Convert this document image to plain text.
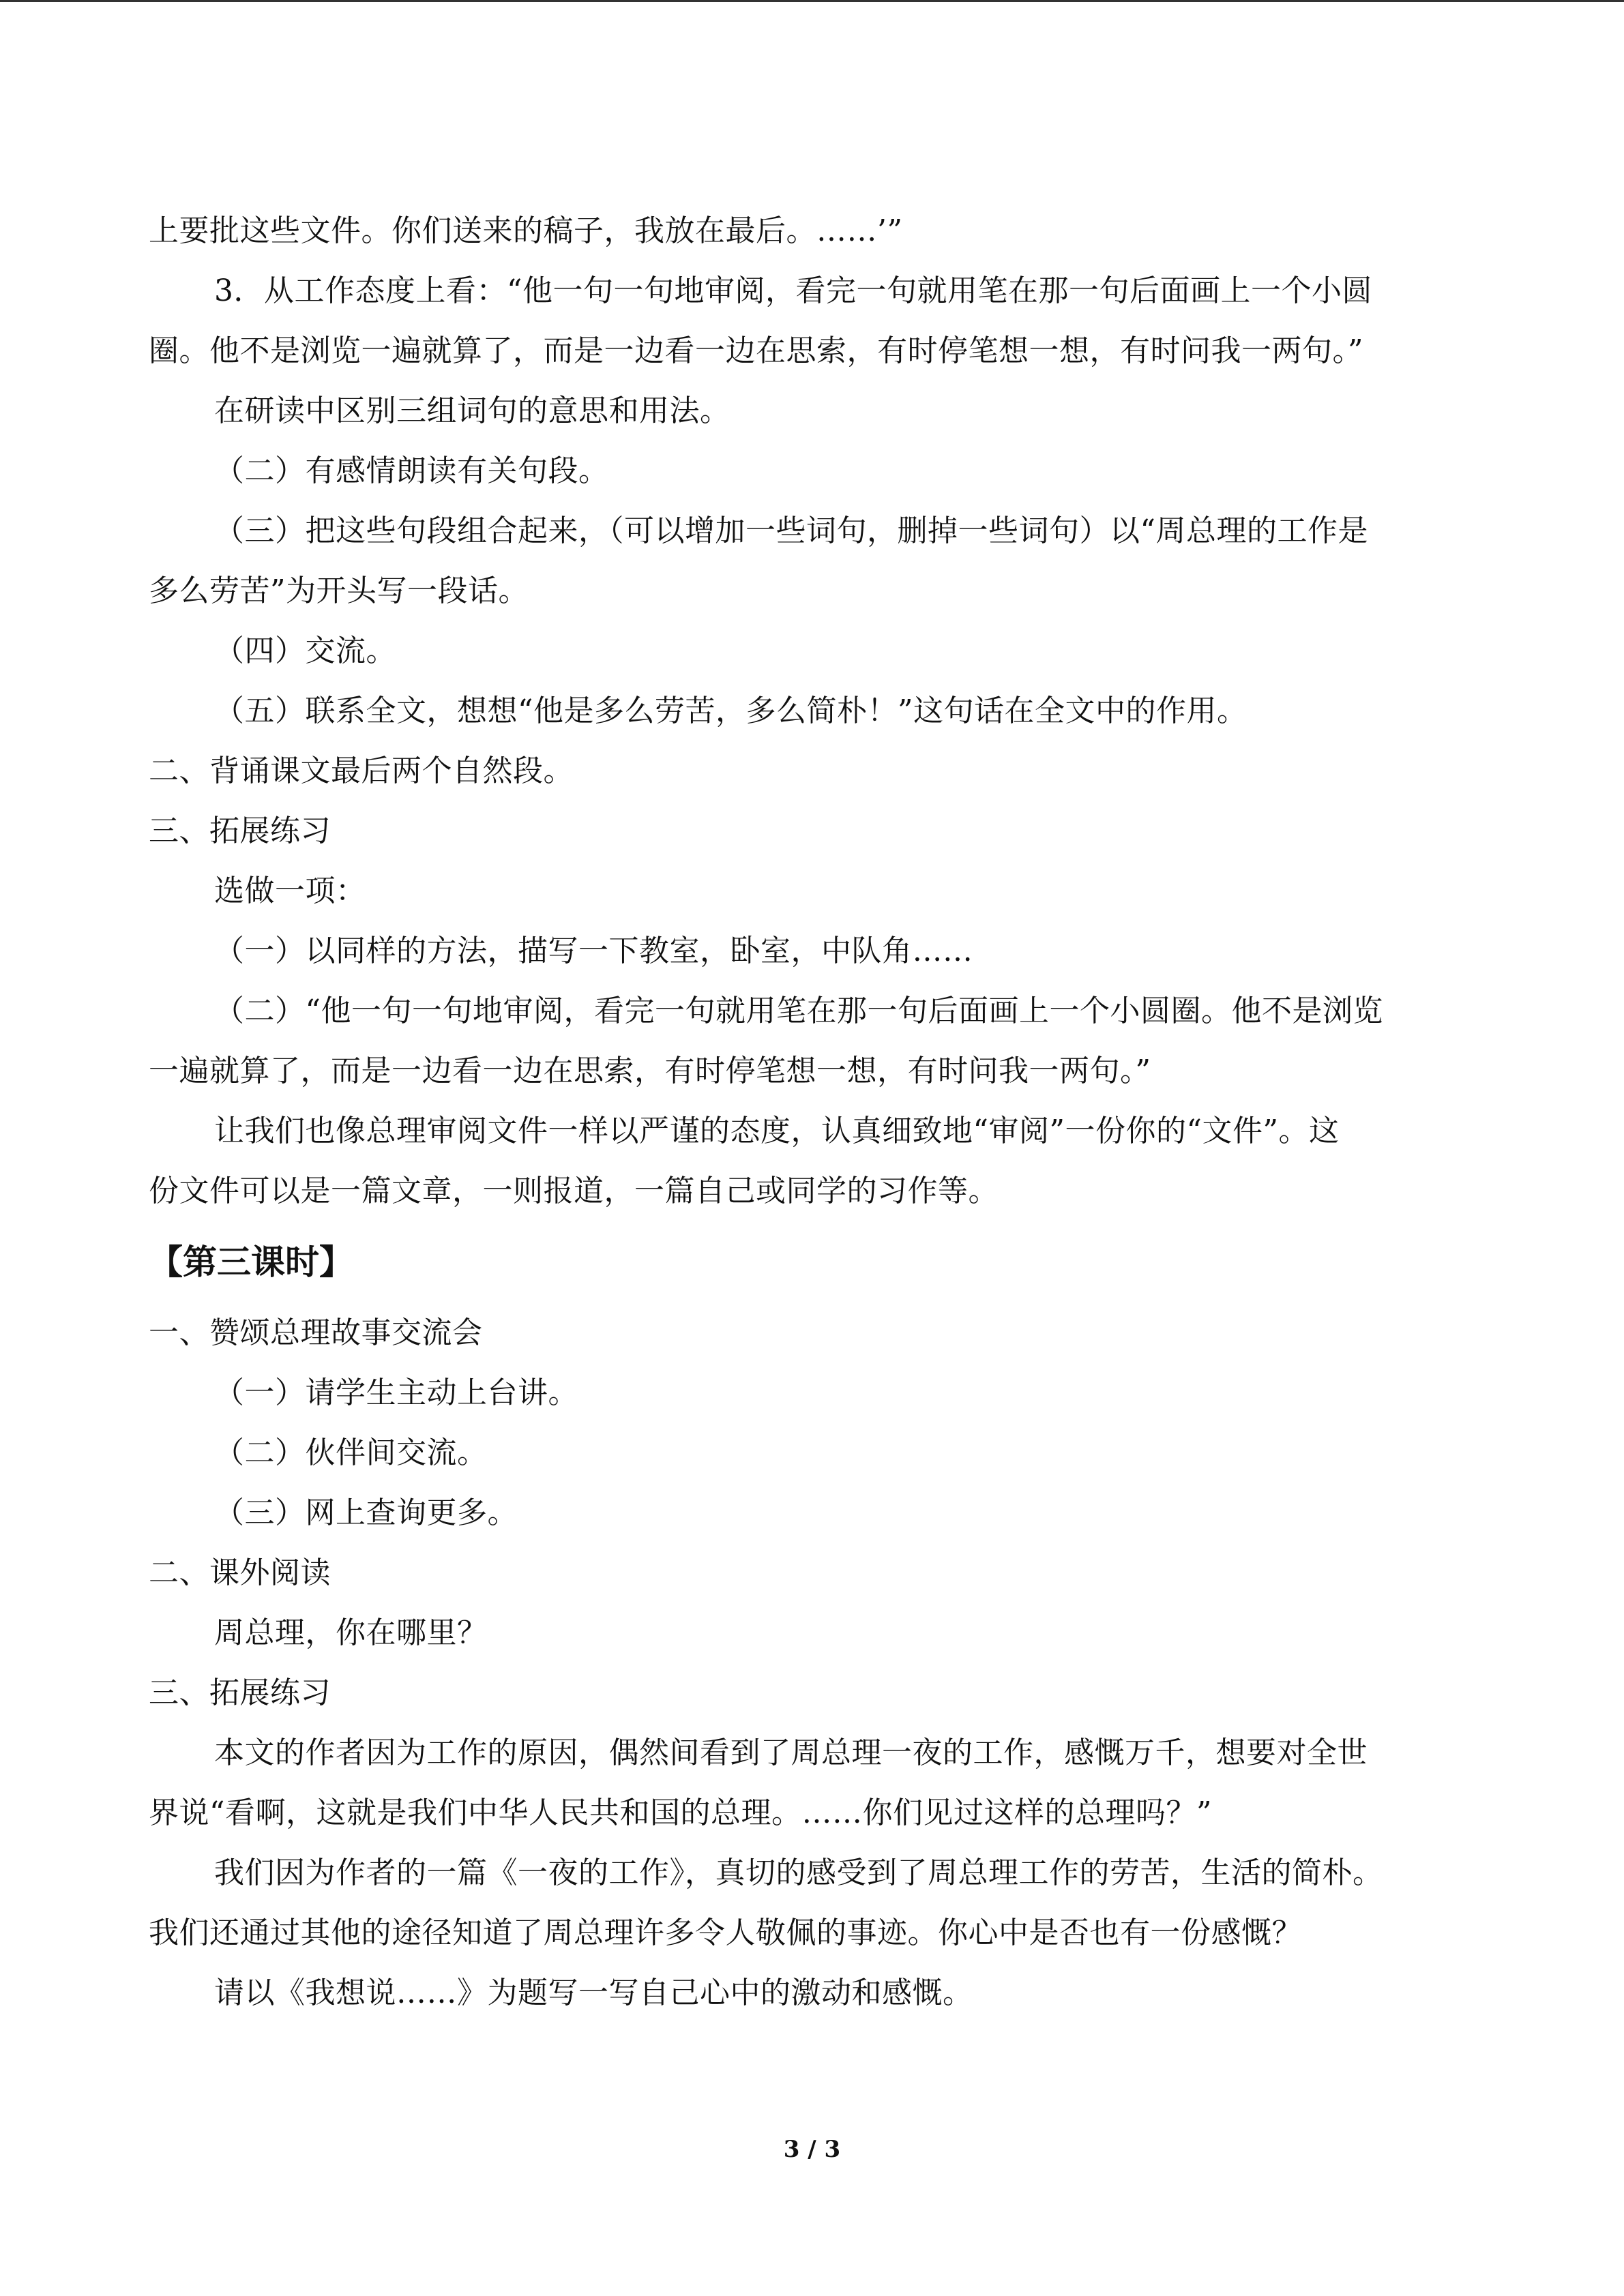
上要批这些文件。你们送来的稿子，我放在最后。……’”
3．从工作态度上看：“他一句一句地审阅，看完一句就用笔在那一句后面画上一个小圆
圈。他不是浏览一遍就算了，而是一边看一边在思索，有时停笔想一想，有时问我一两句。”
在研读中区别三组词句的意思和用法。
（二）有感情朗读有关句段。
（三）把这些句段组合起来，（可以增加一些词句，删掉一些词句）以“周总理的工作是
多么劳苦”为开头写一段话。
（四）交流。
（五）联系全文，想想“他是多么劳苦，多么简朴！”这句话在全文中的作用。
二、背诵课文最后两个自然段。
三、拓展练习
选做一项：
（一）以同样的方法，描写一下教室，卧室，中队角……
（二）“他一句一句地审阅，看完一句就用笔在那一句后面画上一个小圆圈。他不是浏览
一遍就算了，而是一边看一边在思索，有时停笔想一想，有时问我一两句。”
让我们也像总理审阅文件一样以严谨的态度，认真细致地“审阅”一份你的“文件”。这
份文件可以是一篇文章，一则报道，一篇自己或同学的习作等。
【第三课时】
一、赞颂总理故事交流会
（一）请学生主动上台讲。
（二）伙伴间交流。
（三）网上查询更多。
二、课外阅读
周总理，你在哪里？
三、拓展练习
本文的作者因为工作的原因，偶然间看到了周总理一夜的工作，感慨万千，想要对全世
界说“看啊，这就是我们中华人民共和国的总理。……你们见过这样的总理吗？”
我们因为作者的一篇《一夜的工作》，真切的感受到了周总理工作的劳苦，生活的简朴。
我们还通过其他的途径知道了周总理许多令人敬佩的事迹。你心中是否也有一份感慨？
请以《我想说……》为题写一写自己心中的激动和感慨。
3 / 3
